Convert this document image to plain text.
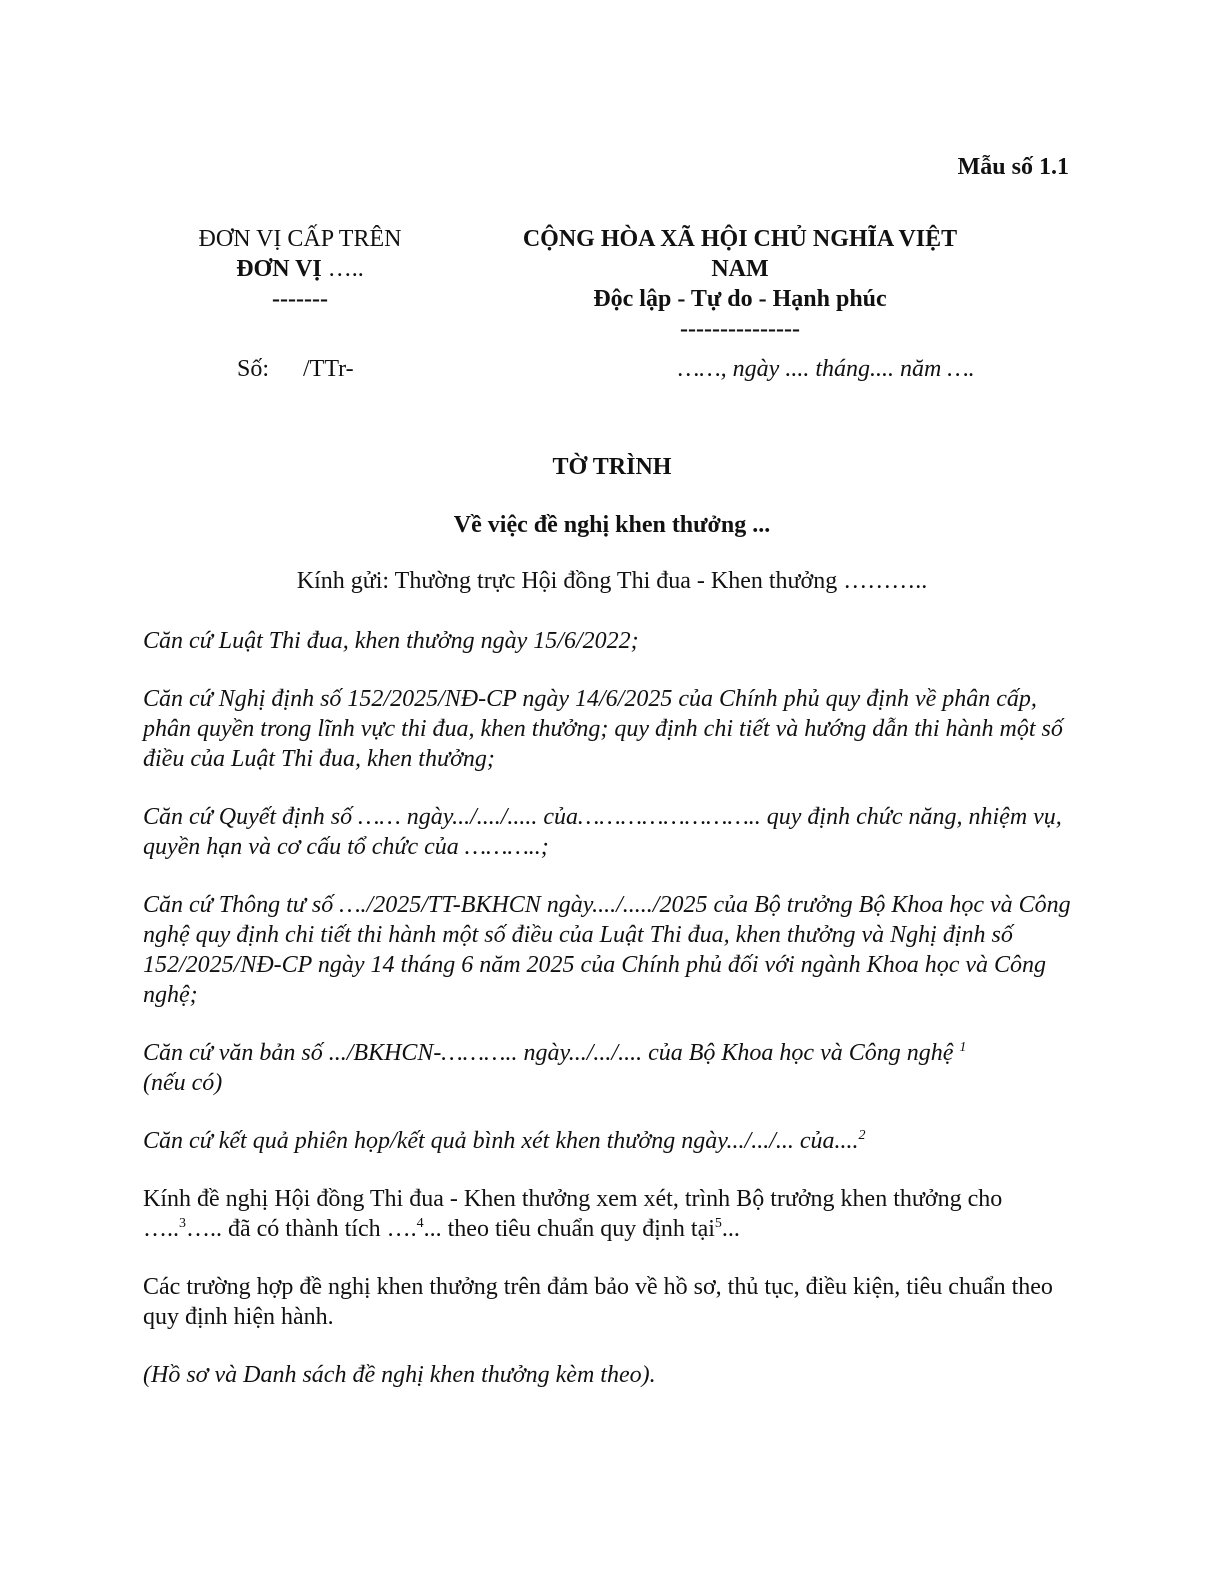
Mẫu số 1.1
ĐƠN VỊ CẤP TRÊN
ĐƠN VỊ …..
-------
CỘNG HÒA XÃ HỘI CHỦ NGHĨA VIỆT
NAM
Độc lập - Tự do - Hạnh phúc
---------------
Số: /TTr-	……, ngày .... tháng.... năm ….
TỜ TRÌNH
Về việc đề nghị khen thưởng ...
Kính gửi: Thường trực Hội đồng Thi đua - Khen thưởng ………..

Căn cứ Luật Thi đua, khen thưởng ngày 15/6/2022;

Căn cứ Nghị định số 152/2025/NĐ-CP ngày 14/6/2025 của Chính phủ quy định về phân cấp, phân quyền trong lĩnh vực thi đua, khen thưởng; quy định chi tiết và hướng dẫn thi hành một số điều của Luật Thi đua, khen thưởng;

Căn cứ Quyết định số …… ngày.../..../..... của…………………….. quy định chức năng, nhiệm vụ, quyền hạn và cơ cấu tổ chức của ………..;

Căn cứ Thông tư số …./2025/TT-BKHCN ngày..../...../2025 của Bộ trưởng Bộ Khoa học và Công nghệ quy định chi tiết thi hành một số điều của Luật Thi đua, khen thưởng và Nghị định số 152/2025/NĐ-CP ngày 14 tháng 6 năm 2025 của Chính phủ đối với ngành Khoa học và Công nghệ;

Căn cứ văn bản số .../BKHCN-……….. ngày.../.../.... của Bộ Khoa học và Công nghệ $^1$
(nếu có)

Căn cứ kết quả phiên họp/kết quả bình xét khen thưởng ngày.../.../... của....$^2$

Kính đề nghị Hội đồng Thi đua - Khen thưởng xem xét, trình Bộ trưởng khen thưởng cho …..$^3$….. đã có thành tích ….$^4$... theo tiêu chuẩn quy định tại$^5$...

Các trường hợp đề nghị khen thưởng trên đảm bảo về hồ sơ, thủ tục, điều kiện, tiêu chuẩn theo quy định hiện hành.

(Hồ sơ và Danh sách đề nghị khen thưởng kèm theo).
